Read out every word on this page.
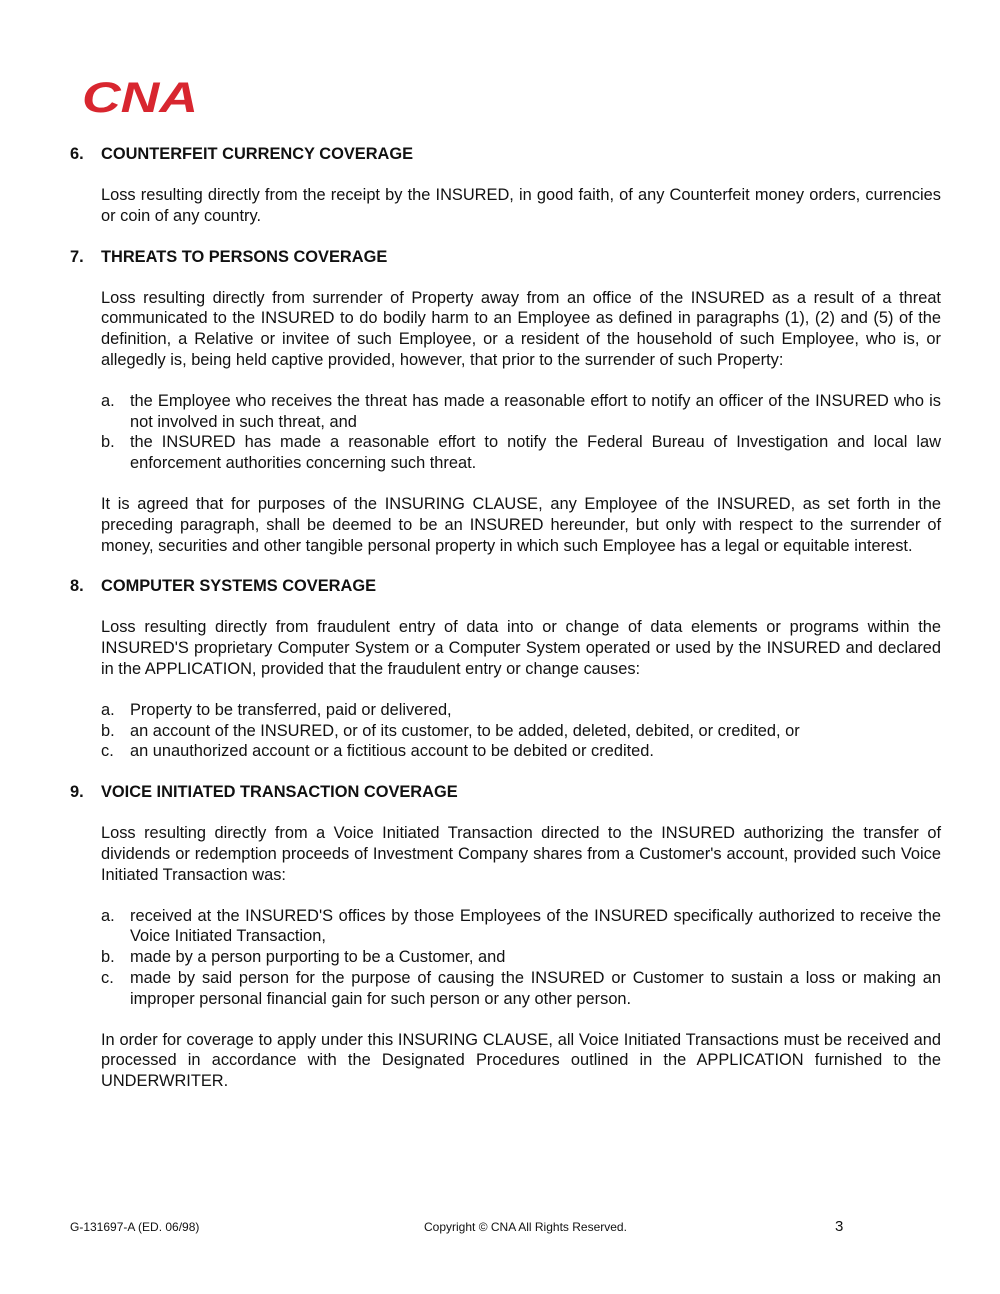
CNA
6.	COUNTERFEIT CURRENCY COVERAGE
Loss resulting directly from the receipt by the INSURED, in good faith, of any Counterfeit money orders, currencies or coin of any country.
7.	THREATS TO PERSONS COVERAGE
Loss resulting directly from surrender of Property away from an office of the INSURED as a result of a threat communicated to the INSURED to do bodily harm to an Employee as defined in paragraphs (1), (2) and (5) of the definition, a Relative or invitee of such Employee, or a resident of the household of such Employee, who is, or allegedly is, being held captive provided, however, that prior to the surrender of such Property:
a. the Employee who receives the threat has made a reasonable effort to notify an officer of the INSURED who is not involved in such threat, and
b. the INSURED has made a reasonable effort to notify the Federal Bureau of Investigation and local law enforcement authorities concerning such threat.
It is agreed that for purposes of the INSURING CLAUSE, any Employee of the INSURED, as set forth in the preceding paragraph, shall be deemed to be an INSURED hereunder, but only with respect to the surrender of money, securities and other tangible personal property in which such Employee has a legal or equitable interest.
8.	COMPUTER SYSTEMS COVERAGE
Loss resulting directly from fraudulent entry of data into or change of data elements or programs within the INSURED'S proprietary Computer System or a Computer System operated or used by the INSURED and declared in the APPLICATION, provided that the fraudulent entry or change causes:
a. Property to be transferred, paid or delivered,
b. an account of the INSURED, or of its customer, to be added, deleted, debited, or credited, or
c. an unauthorized account or a fictitious account to be debited or credited.
9.	VOICE INITIATED TRANSACTION COVERAGE
Loss resulting directly from a Voice Initiated Transaction directed to the INSURED authorizing the transfer of dividends or redemption proceeds of Investment Company shares from a Customer's account, provided such Voice Initiated Transaction was:
a. received at the INSURED'S offices by those Employees of the INSURED specifically authorized to receive the Voice Initiated Transaction,
b. made by a person purporting to be a Customer, and
c. made by said person for the purpose of causing the INSURED or Customer to sustain a loss or making an improper personal financial gain for such person or any other person.
In order for coverage to apply under this INSURING CLAUSE, all Voice Initiated Transactions must be received and processed in accordance with the Designated Procedures outlined in the APPLICATION furnished to the UNDERWRITER.
G-131697-A (ED. 06/98)	Copyright © CNA All Rights Reserved.	3
